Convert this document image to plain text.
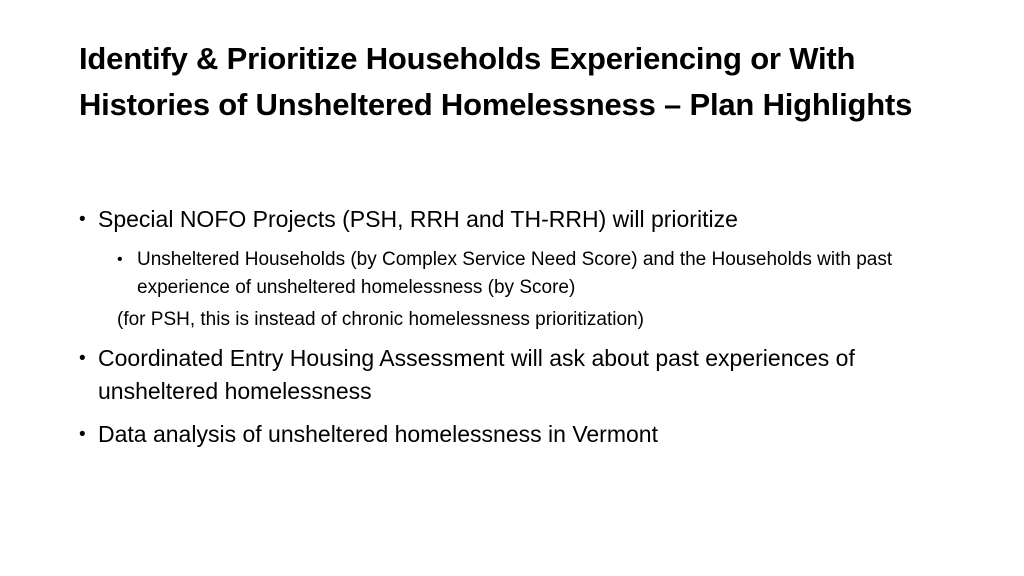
Identify & Prioritize Households Experiencing or With Histories of Unsheltered Homelessness – Plan Highlights
• Special NOFO Projects (PSH, RRH and TH-RRH) will prioritize
• Unsheltered Households (by Complex Service Need Score) and the Households with past experience of unsheltered homelessness (by Score)
(for PSH, this is instead of chronic homelessness prioritization)
• Coordinated Entry Housing Assessment will ask about past experiences of unsheltered homelessness
• Data analysis of unsheltered homelessness in Vermont
